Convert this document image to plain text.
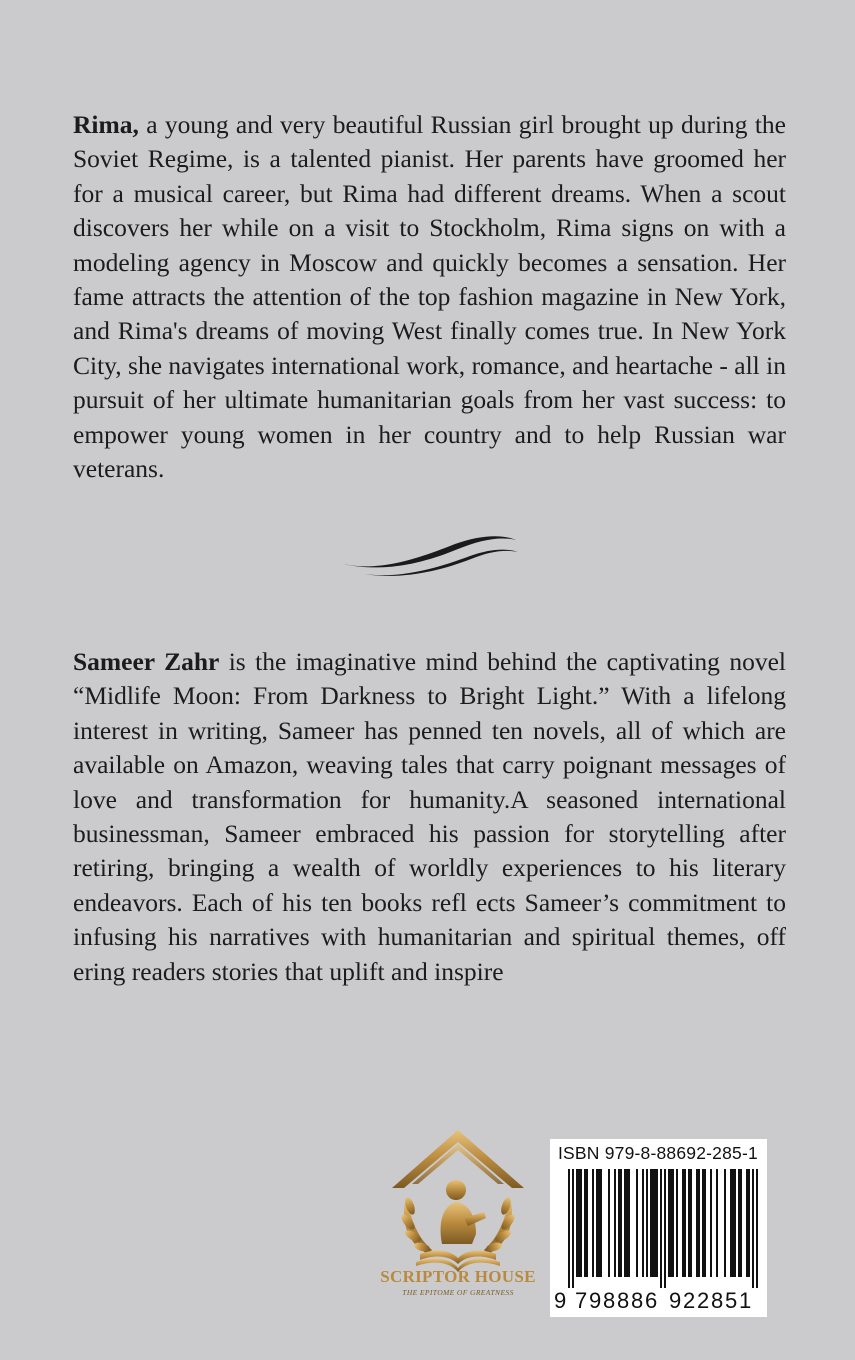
Rima, a young and very beautiful Russian girl brought up during the Soviet Regime, is a talented pianist. Her parents have groomed her for a musical career, but Rima had different dreams. When a scout discovers her while on a visit to Stockholm, Rima signs on with a modeling agency in Moscow and quickly becomes a sensation. Her fame attracts the attention of the top fashion magazine in New York, and Rima's dreams of moving West finally comes true. In New York City, she navigates international work, romance, and heartache - all in pursuit of her ultimate humanitarian goals from her vast success: to empower young women in her country and to help Russian war veterans.

Sameer Zahr is the imaginative mind behind the captivating novel “Midlife Moon: From Darkness to Bright Light.” With a lifelong interest in writing, Sameer has penned ten novels, all of which are available on Amazon, weaving tales that carry poignant messages of love and transformation for humanity.A seasoned international businessman, Sameer embraced his passion for storytelling after retiring, bringing a wealth of worldly experiences to his literary endeavors. Each of his ten books refl ects Sameer’s commitment to infusing his narratives with humanitarian and spiritual themes, off ering readers stories that uplift and inspire

SCRIPTOR HOUSE
THE EPITOME OF GREATNESS
ISBN 979-8-88692-285-1
9 7 9 8 8 8 6 9 2 2 8 5 1
